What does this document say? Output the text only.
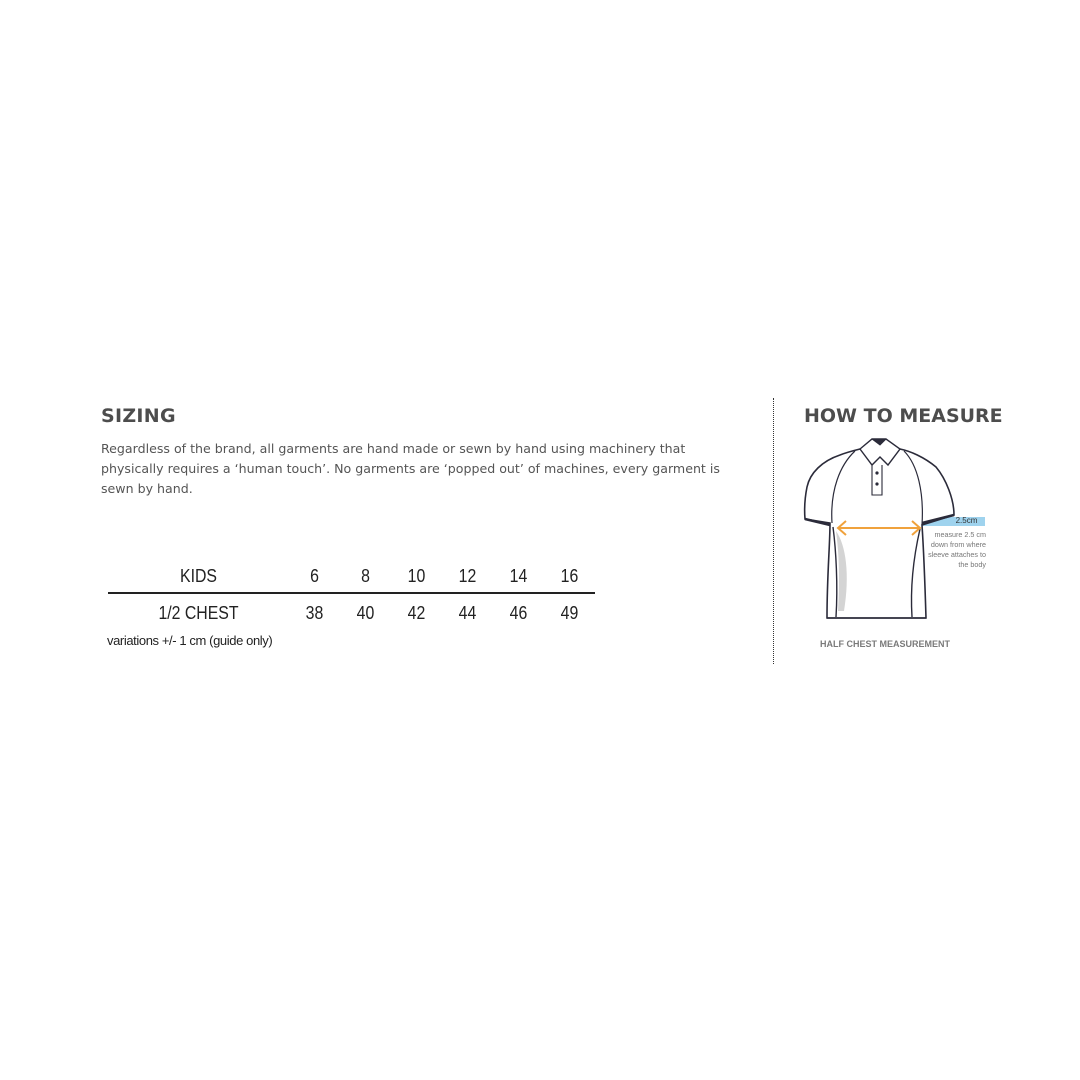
SIZING

Regardless of the brand, all garments are hand made or sewn by hand using machinery that physically requires a ‘human touch’. No garments are ‘popped out’ of machines, every garment is sewn by hand.

KIDS	6	8	10	12	14	16
1/2 CHEST	38	40	42	44	46	49

variations +/- 1 cm (guide only)

HOW TO MEASURE

2.5cm

measure 2.5 cm down from where sleeve attaches to the body

HALF CHEST MEASUREMENT
